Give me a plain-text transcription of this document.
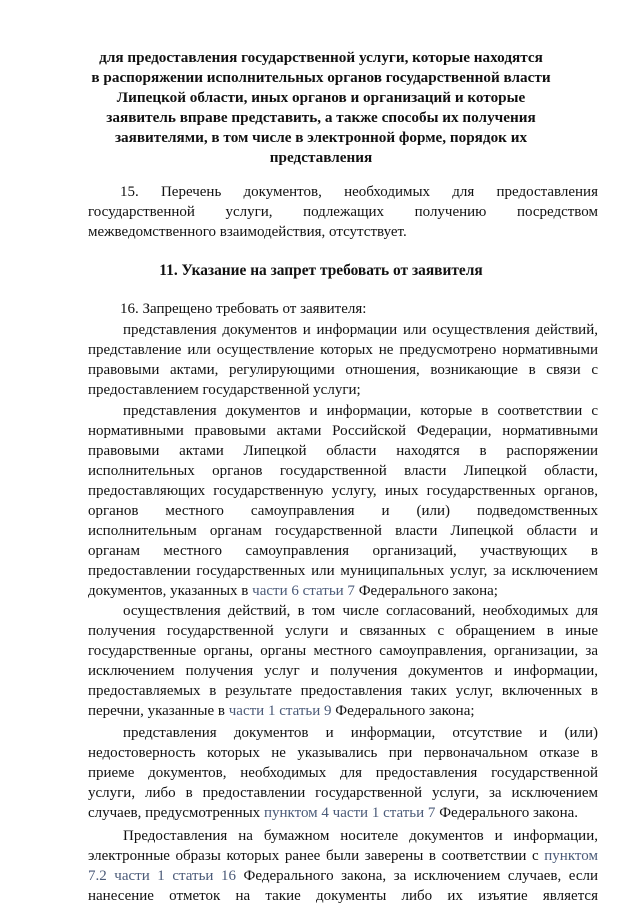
для предоставления государственной услуги, которые находятся
в распоряжении исполнительных органов государственной власти
Липецкой области, иных органов и организаций и которые
заявитель вправе представить, а также способы их получения
заявителями, в том числе в электронной форме, порядок их
представления
15. Перечень документов, необходимых для предоставления
государственной услуги, подлежащих получению посредством
межведомственного взаимодействия, отсутствует.
11. Указание на запрет требовать от заявителя
16. Запрещено требовать от заявителя:
представления документов и информации или осуществления действий,
представление или осуществление которых не предусмотрено нормативными
правовыми актами, регулирующими отношения, возникающие в связи с
предоставлением государственной услуги;
представления документов и информации, которые в соответствии с
нормативными правовыми актами Российской Федерации, нормативными
правовыми актами Липецкой области находятся в распоряжении
исполнительных органов государственной власти Липецкой области,
предоставляющих государственную услугу, иных государственных органов,
органов местного самоуправления и (или) подведомственных
исполнительным органам государственной власти Липецкой области и
органам местного самоуправления организаций, участвующих в
предоставлении государственных или муниципальных услуг, за исключением
документов, указанных в части 6 статьи 7 Федерального закона;
осуществления действий, в том числе согласований, необходимых для
получения государственной услуги и связанных с обращением в иные
государственные органы, органы местного самоуправления, организации, за
исключением получения услуг и получения документов и информации,
предоставляемых в результате предоставления таких услуг, включенных в
перечни, указанные в части 1 статьи 9 Федерального закона;
представления документов и информации, отсутствие и (или)
недостоверность которых не указывались при первоначальном отказе в
приеме документов, необходимых для предоставления государственной
услуги, либо в предоставлении государственной услуги, за исключением
случаев, предусмотренных пунктом 4 части 1 статьи 7 Федерального закона.
Предоставления на бумажном носителе документов и информации,
электронные образы которых ранее были заверены в соответствии с пунктом
7.2 части 1 статьи 16 Федерального закона, за исключением случаев, если
нанесение отметок на такие документы либо их изъятие является
